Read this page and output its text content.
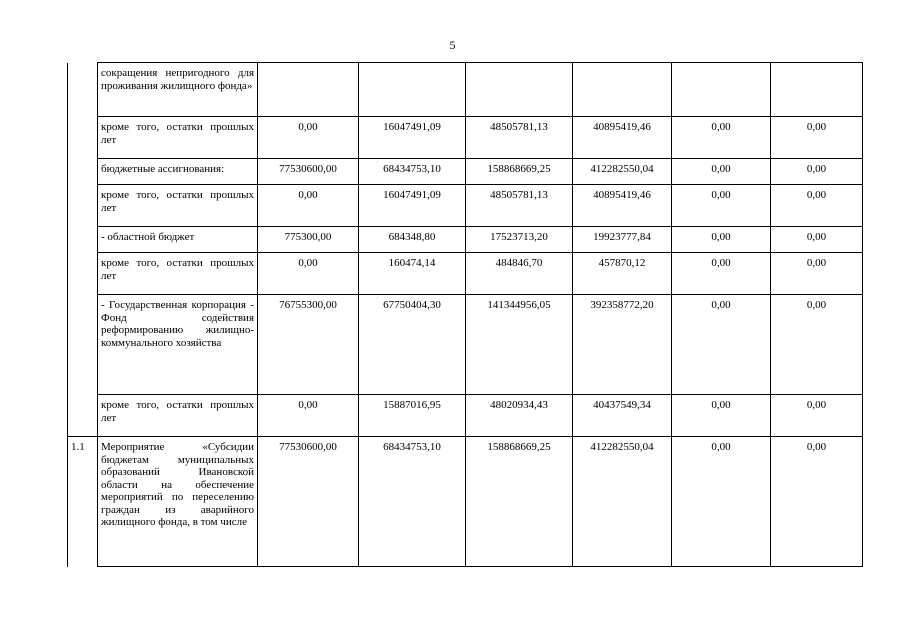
5
	сокращения непригодного для проживания жилищного фонда»						
	кроме того, остатки прошлых лет	0,00	16047491,09	48505781,13	40895419,46	0,00	0,00
	бюджетные ассигнования:	77530600,00	68434753,10	158868669,25	412282550,04	0,00	0,00
	кроме того, остатки прошлых лет	0,00	16047491,09	48505781,13	40895419,46	0,00	0,00
	- областной бюджет	775300,00	684348,80	17523713,20	19923777,84	0,00	0,00
	кроме того, остатки прошлых лет	0,00	160474,14	484846,70	457870,12	0,00	0,00
	- Государственная корпорация - Фонд содействия реформированию жилищно-коммунального хозяйства	76755300,00	67750404,30	141344956,05	392358772,20	0,00	0,00
	кроме того, остатки прошлых лет	0,00	15887016,95	48020934,43	40437549,34	0,00	0,00
1.1	Мероприятие «Субсидии бюджетам муниципальных образований Ивановской области на обеспечение мероприятий по переселению граждан из аварийного жилищного фонда, в том числе	77530600,00	68434753,10	158868669,25	412282550,04	0,00	0,00
